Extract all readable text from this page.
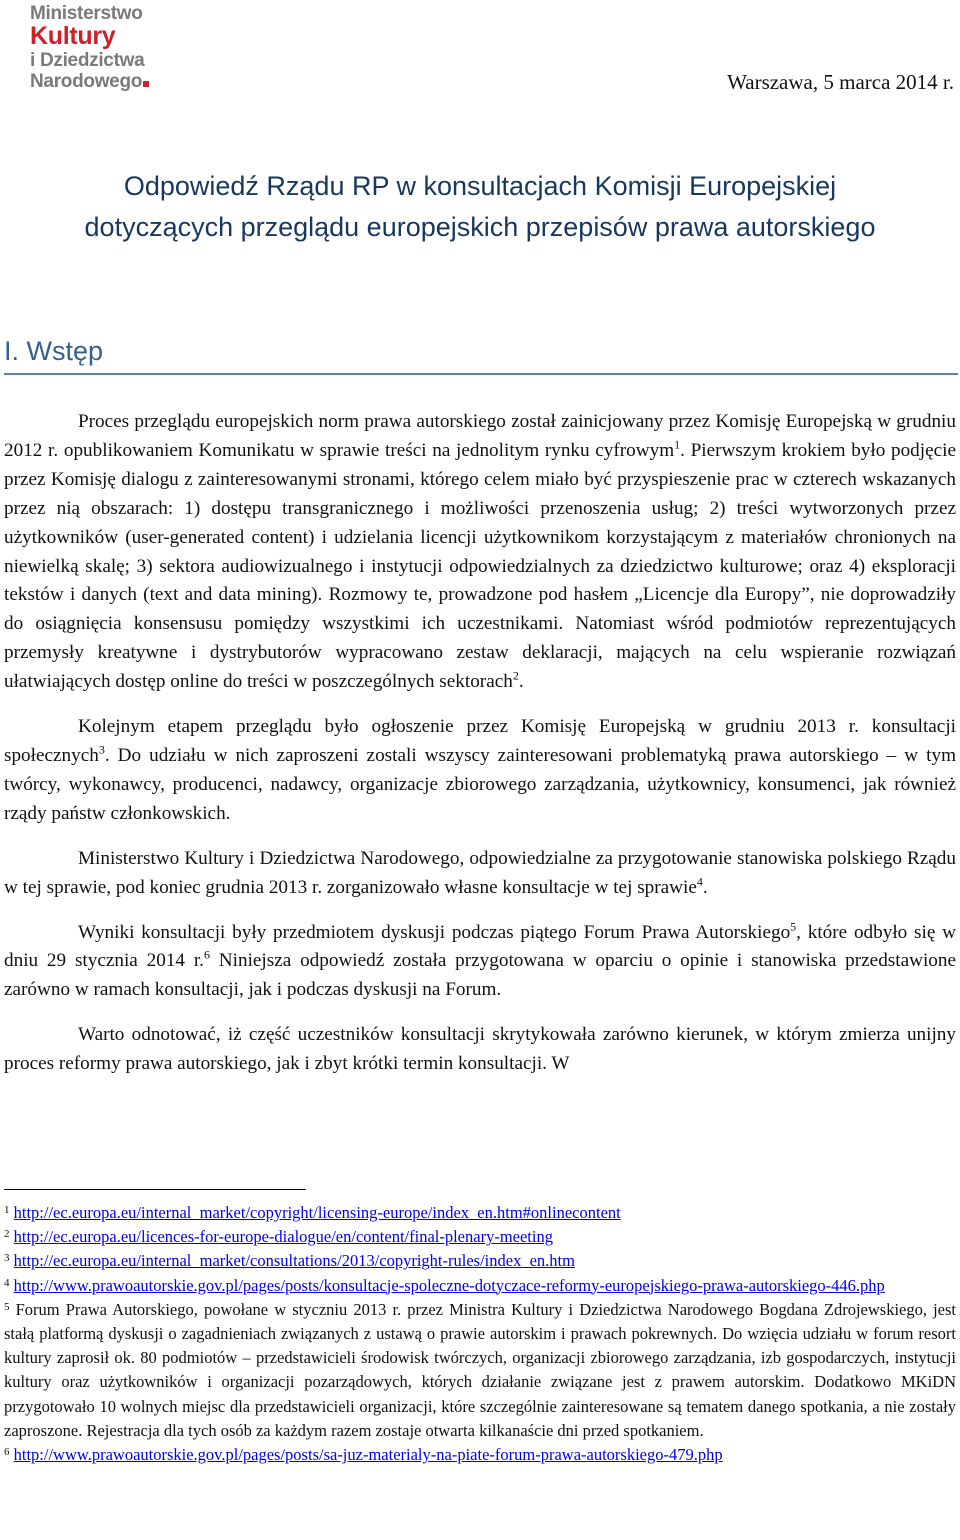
Ministerstwo
Kultury
i Dziedzictwa
Narodowego	Warszawa, 5 marca 2014 r.
Odpowiedź Rządu RP w konsultacjach Komisji Europejskiej
dotyczących przeglądu europejskich przepisów prawa autorskiego
I. Wstęp

Proces przeglądu europejskich norm prawa autorskiego został zainicjowany przez Komisję Europejską w grudniu 2012 r. opublikowaniem Komunikatu w sprawie treści na jednolitym rynku cyfrowym$^1$. Pierwszym krokiem było podjęcie przez Komisję dialogu z zainteresowanymi stronami, którego celem miało być przyspieszenie prac w czterech wskazanych przez nią obszarach: 1) dostępu transgranicznego i możliwości przenoszenia usług; 2) treści wytworzonych przez użytkowników (user-generated content) i udzielania licencji użytkownikom korzystającym z materiałów chronionych na niewielką skalę; 3) sektora audiowizualnego i instytucji odpowiedzialnych za dziedzictwo kulturowe; oraz 4) eksploracji tekstów i danych (text and data mining). Rozmowy te, prowadzone pod hasłem „Licencje dla Europy”, nie doprowadziły do osiągnięcia konsensusu pomiędzy wszystkimi ich uczestnikami. Natomiast wśród podmiotów reprezentujących przemysły kreatywne i dystrybutorów wypracowano zestaw deklaracji, mających na celu wspieranie rozwiązań ułatwiających dostęp online do treści w poszczególnych sektorach$^2$.

Kolejnym etapem przeglądu było ogłoszenie przez Komisję Europejską w grudniu 2013 r. konsultacji społecznych$^3$. Do udziału w nich zaproszeni zostali wszyscy zainteresowani problematyką prawa autorskiego – w tym twórcy, wykonawcy, producenci, nadawcy, organizacje zbiorowego zarządzania, użytkownicy, konsumenci, jak również rządy państw członkowskich.

Ministerstwo Kultury i Dziedzictwa Narodowego, odpowiedzialne za przygotowanie stanowiska polskiego Rządu w tej sprawie, pod koniec grudnia 2013 r. zorganizowało własne konsultacje w tej sprawie$^4$.

Wyniki konsultacji były przedmiotem dyskusji podczas piątego Forum Prawa Autorskiego$^5$, które odbyło się w dniu 29 stycznia 2014 r.$^6$ Niniejsza odpowiedź została przygotowana w oparciu o opinie i stanowiska przedstawione zarówno w ramach konsultacji, jak i podczas dyskusji na Forum.

Warto odnotować, iż część uczestników konsultacji skrytykowała zarówno kierunek, w którym zmierza unijny proces reformy prawa autorskiego, jak i zbyt krótki termin konsultacji. W

$^1$ http://ec.europa.eu/internal_market/copyright/licensing-europe/index_en.htm#onlinecontent
$^2$ http://ec.europa.eu/licences-for-europe-dialogue/en/content/final-plenary-meeting
$^3$ http://ec.europa.eu/internal_market/consultations/2013/copyright-rules/index_en.htm
$^4$ http://www.prawoautorskie.gov.pl/pages/posts/konsultacje-spoleczne-dotyczace-reformy-europejskiego-prawa-autorskiego-446.php
$^5$ Forum Prawa Autorskiego, powołane w styczniu 2013 r. przez Ministra Kultury i Dziedzictwa Narodowego Bogdana Zdrojewskiego, jest stałą platformą dyskusji o zagadnieniach związanych z ustawą o prawie autorskim i prawach pokrewnych. Do wzięcia udziału w forum resort kultury zaprosił ok. 80 podmiotów – przedstawicieli środowisk twórczych, organizacji zbiorowego zarządzania, izb gospodarczych, instytucji kultury oraz użytkowników i organizacji pozarządowych, których działanie związane jest z prawem autorskim. Dodatkowo MKiDN przygotowało 10 wolnych miejsc dla przedstawicieli organizacji, które szczególnie zainteresowane są tematem danego spotkania, a nie zostały zaproszone. Rejestracja dla tych osób za każdym razem zostaje otwarta kilkanaście dni przed spotkaniem.
$^6$ http://www.prawoautorskie.gov.pl/pages/posts/sa-juz-materialy-na-piate-forum-prawa-autorskiego-479.php
